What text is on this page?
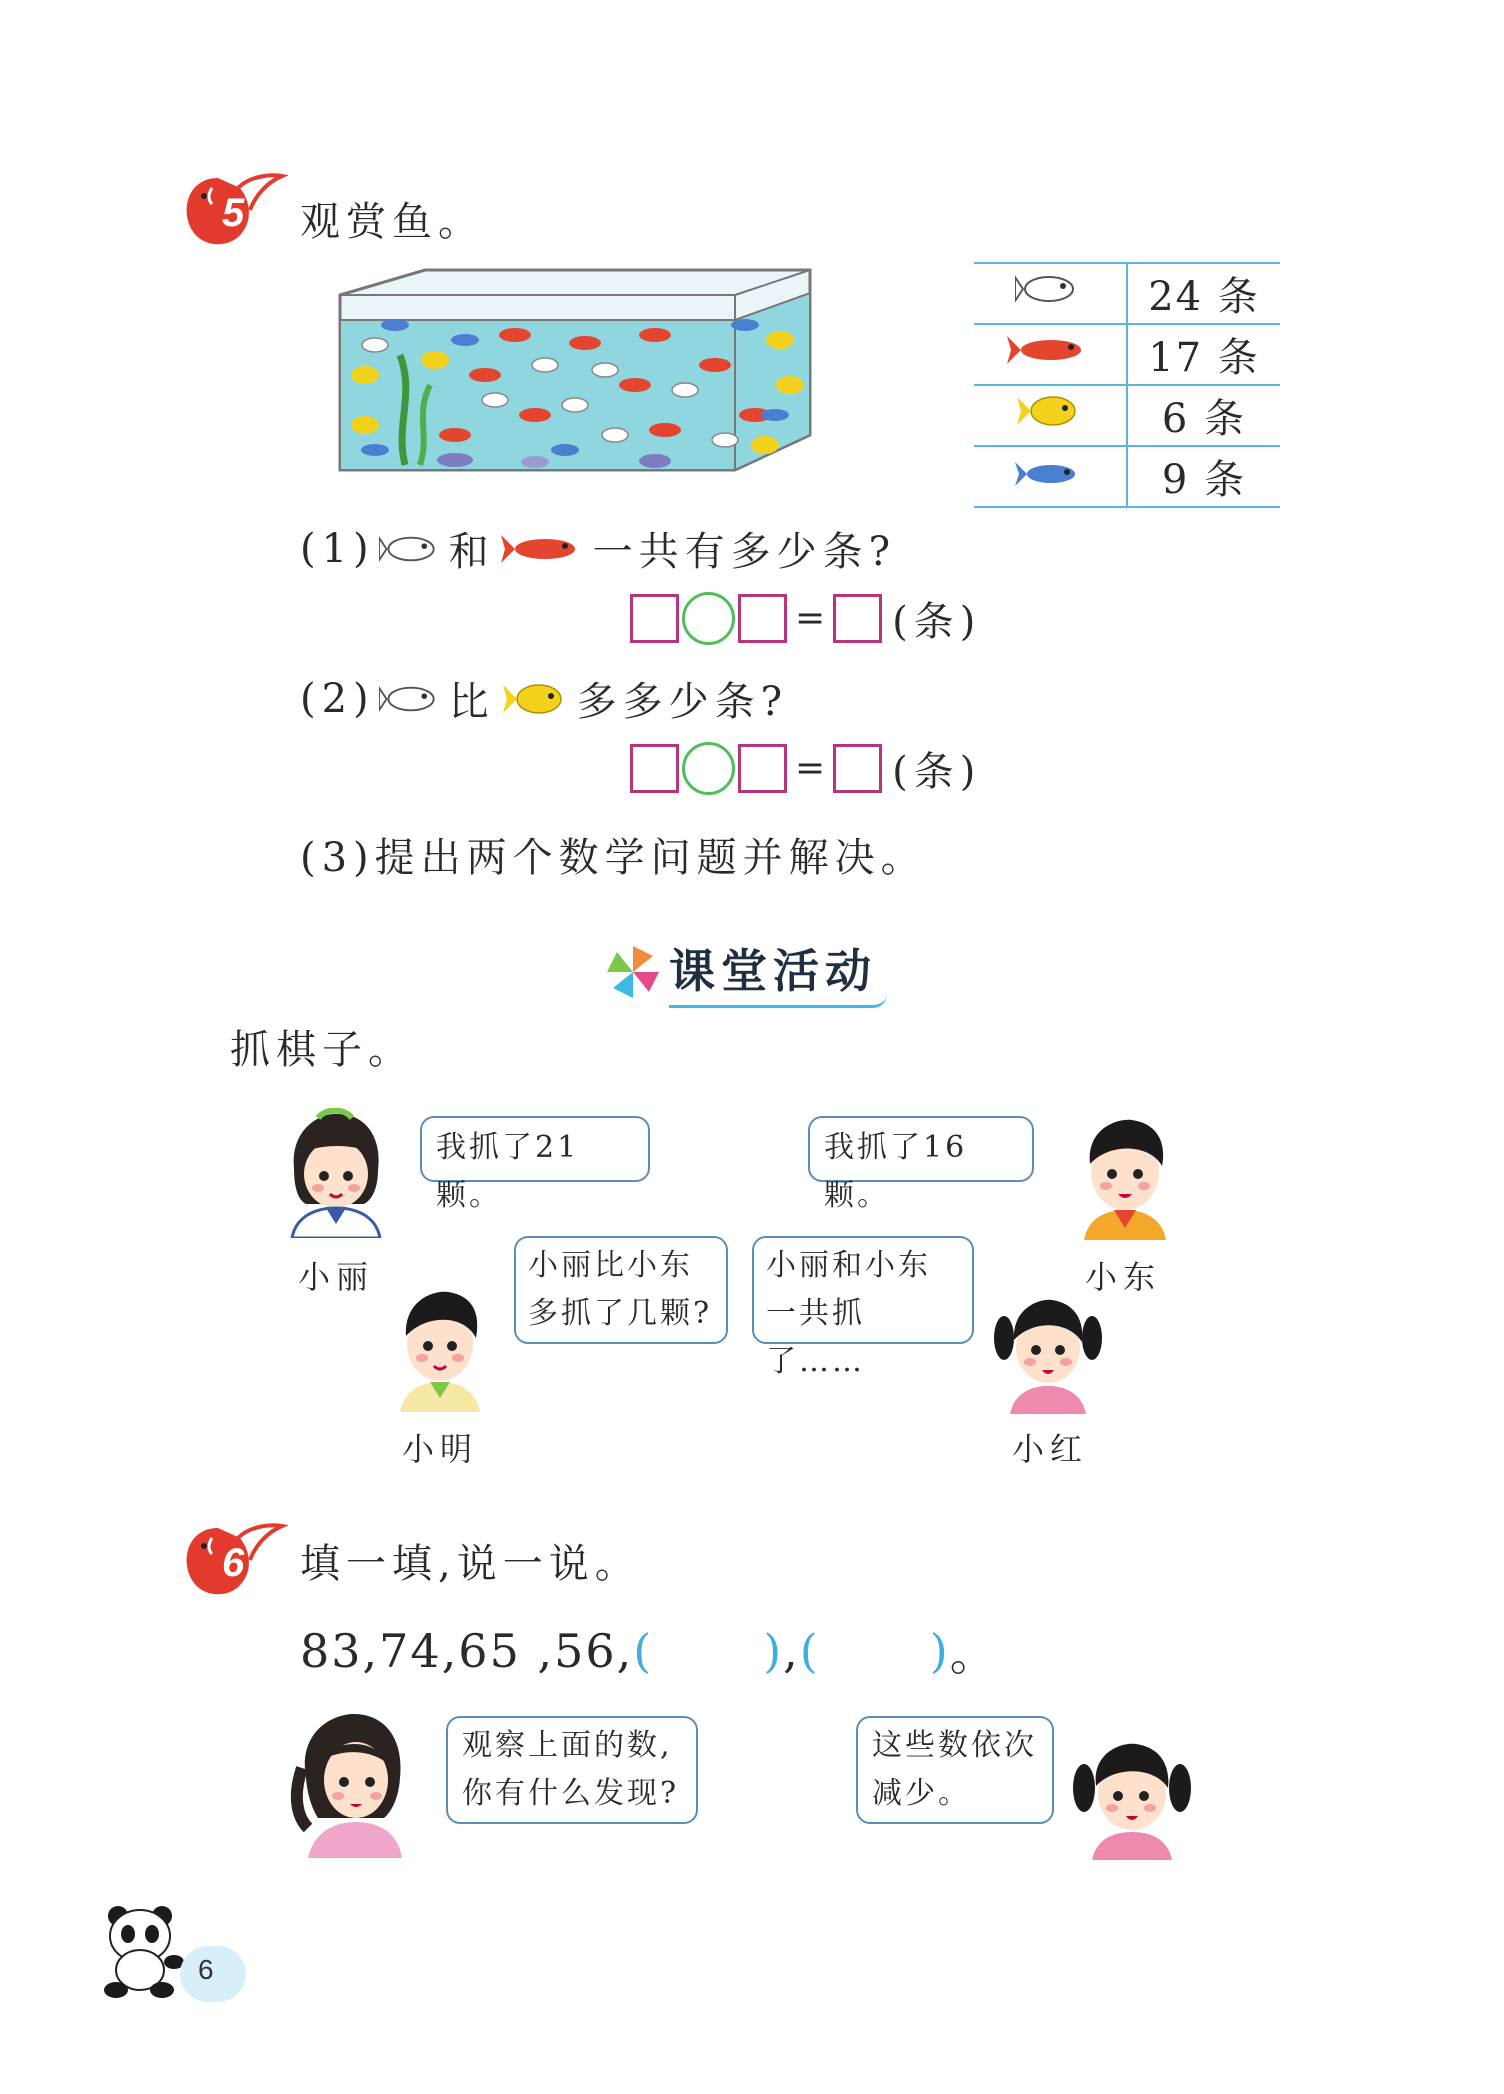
5 观赏鱼。
	24 条
	17 条
	6 条
	9 条
(1) 和 一共有多少条?
= (条)
(2) 比 多多少条?
= (条)
(3)提出两个数学问题并解决。
课堂活动
抓棋子。
小丽
我抓了21颗。
小东
我抓了16颗。
小丽比小东
多抓了几颗?
小明
小丽和小东
一共抓了……
小红
6 填一填,说一说。
83,74,65 ,56, ( ) , ( ) 。
观察上面的数,
你有什么发现?
这些数依次
减少。
6
